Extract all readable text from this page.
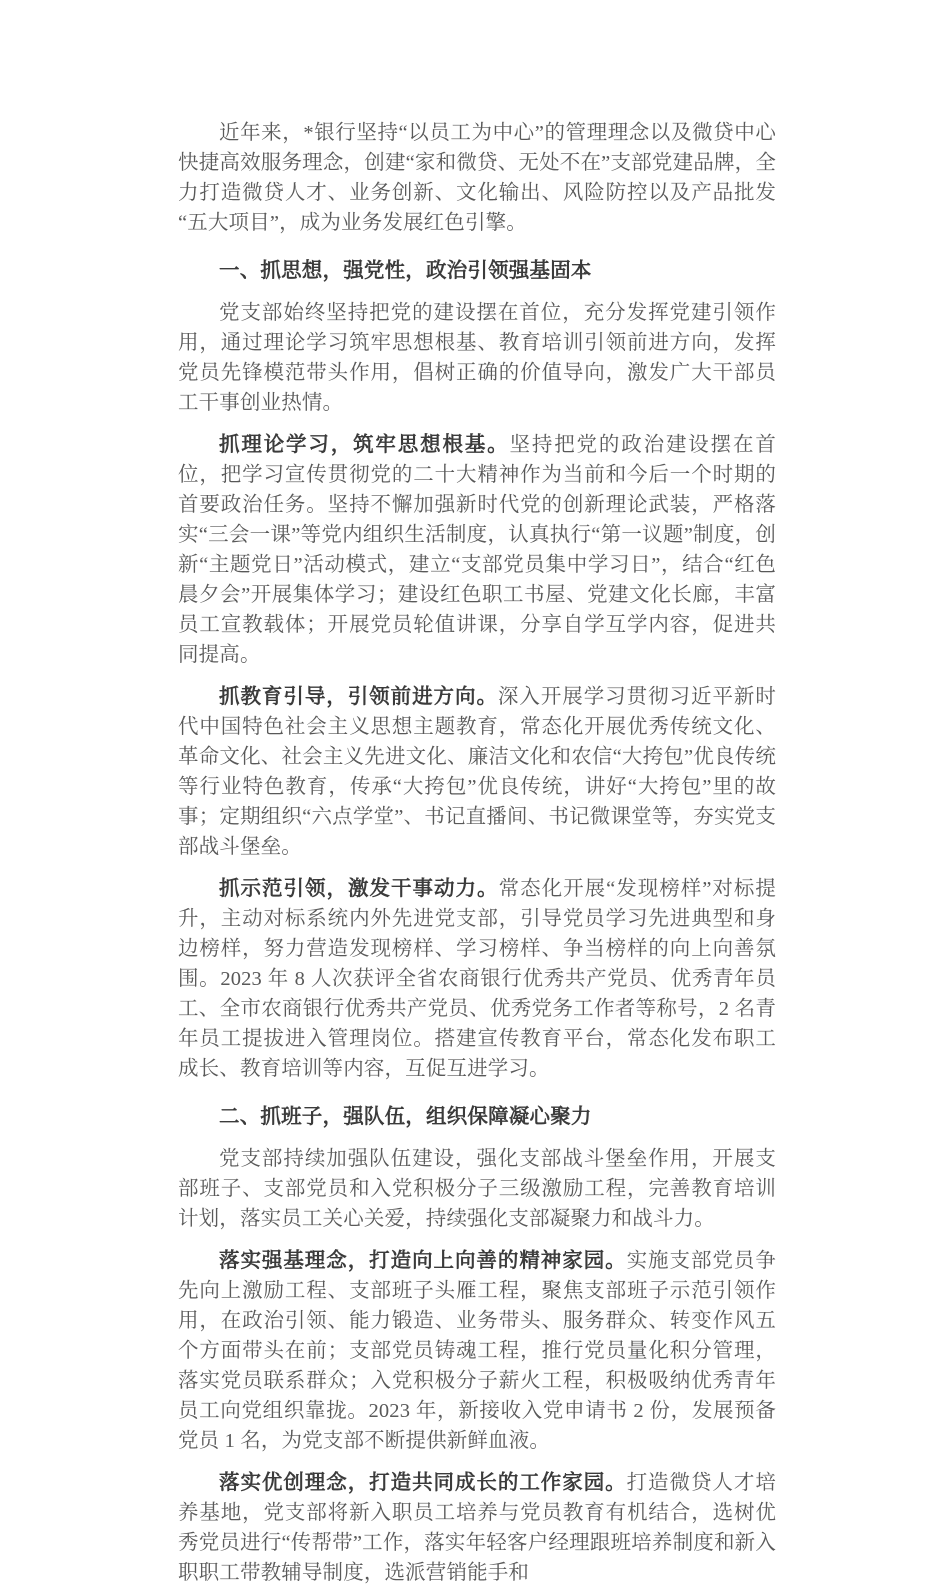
近年来，*银行坚持“以员工为中心”的管理理念以及微贷中心快捷高效服务理念，创建“家和微贷、无处不在”支部党建品牌，全力打造微贷人才、业务创新、文化输出、风险防控以及产品批发“五大项目”，成为业务发展红色引擎。

一、抓思想，强党性，政治引领强基固本

党支部始终坚持把党的建设摆在首位，充分发挥党建引领作用，通过理论学习筑牢思想根基、教育培训引领前进方向，发挥党员先锋模范带头作用，倡树正确的价值导向，激发广大干部员工干事创业热情。

抓理论学习，筑牢思想根基。坚持把党的政治建设摆在首位，把学习宣传贯彻党的二十大精神作为当前和今后一个时期的首要政治任务。坚持不懈加强新时代党的创新理论武装，严格落实“三会一课”等党内组织生活制度，认真执行“第一议题”制度，创新“主题党日”活动模式，建立“支部党员集中学习日”，结合“红色晨夕会”开展集体学习；建设红色职工书屋、党建文化长廊，丰富员工宣教载体；开展党员轮值讲课，分享自学互学内容，促进共同提高。

抓教育引导，引领前进方向。深入开展学习贯彻习近平新时代中国特色社会主义思想主题教育，常态化开展优秀传统文化、革命文化、社会主义先进文化、廉洁文化和农信“大挎包”优良传统等行业特色教育，传承“大挎包”优良传统，讲好“大挎包”里的故事；定期组织“六点学堂”、书记直播间、书记微课堂等，夯实党支部战斗堡垒。

抓示范引领，激发干事动力。常态化开展“发现榜样”对标提升，主动对标系统内外先进党支部，引导党员学习先进典型和身边榜样，努力营造发现榜样、学习榜样、争当榜样的向上向善氛围。2023 年 8 人次获评全省农商银行优秀共产党员、优秀青年员工、全市农商银行优秀共产党员、优秀党务工作者等称号，2 名青年员工提拔进入管理岗位。搭建宣传教育平台，常态化发布职工成长、教育培训等内容，互促互进学习。

二、抓班子，强队伍，组织保障凝心聚力

党支部持续加强队伍建设，强化支部战斗堡垒作用，开展支部班子、支部党员和入党积极分子三级激励工程，完善教育培训计划，落实员工关心关爱，持续强化支部凝聚力和战斗力。

落实强基理念，打造向上向善的精神家园。实施支部党员争先向上激励工程、支部班子头雁工程，聚焦支部班子示范引领作用，在政治引领、能力锻造、业务带头、服务群众、转变作风五个方面带头在前；支部党员铸魂工程，推行党员量化积分管理，落实党员联系群众；入党积极分子薪火工程，积极吸纳优秀青年员工向党组织靠拢。2023 年，新接收入党申请书 2 份，发展预备党员 1 名，为党支部不断提供新鲜血液。

落实优创理念，打造共同成长的工作家园。打造微贷人才培养基地，党支部将新入职员工培养与党员教育有机结合，选树优秀党员进行“传帮带”工作，落实年轻客户经理跟班培养制度和新入职职工带教辅导制度，选派营销能手和
